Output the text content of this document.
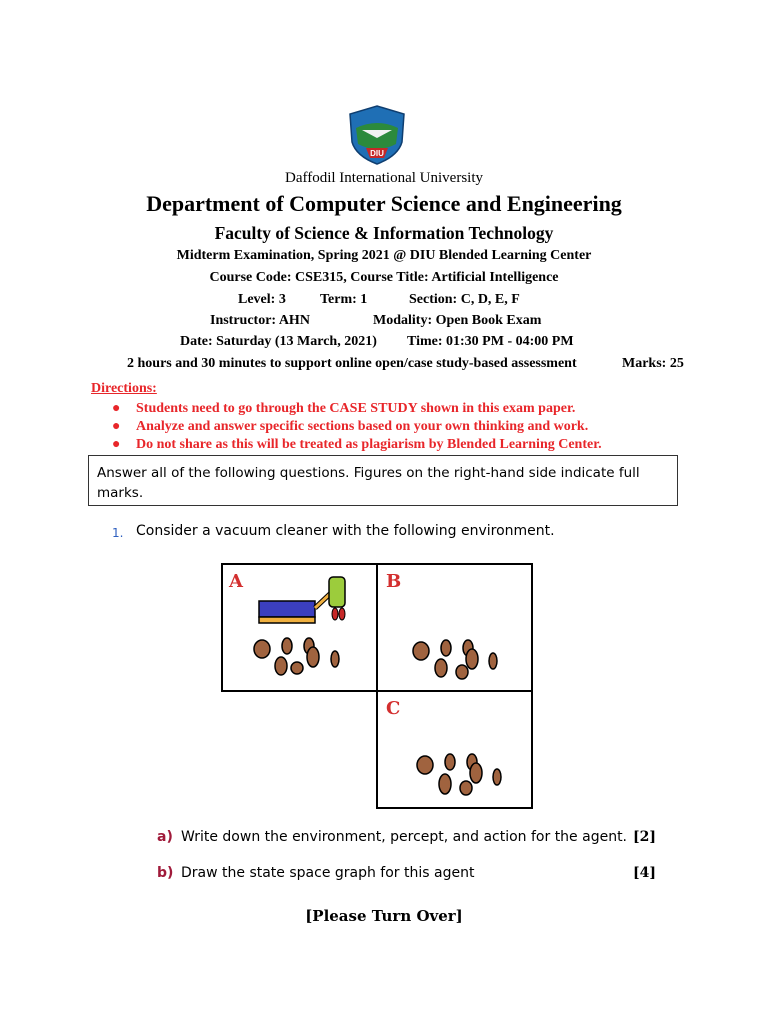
DIU
Daffodil International University
Department of Computer Science and Engineering
Faculty of Science & Information Technology
Midterm Examination, Spring 2021 @ DIU Blended Learning Center
Course Code: CSE315, Course Title: Artificial Intelligence
Level: 3 Term: 1	Section: C, D, E, F
Instructor: AHN	Modality: Open Book Exam
Date: Saturday (13 March, 2021) Time: 01:30 PM - 04:00 PM
2 hours and 30 minutes to support online open/case study-based assessment	Marks: 25
Directions:
● Students need to go through the CASE STUDY shown in this exam paper.
● Analyze and answer specific sections based on your own thinking and work.
● Do not share as this will be treated as plagiarism by Blended Learning Center.
Answer all of the following questions. Figures on the right-hand side indicate full
marks.
1. Consider a vacuum cleaner with the following environment.
A	B
C
a) Write down the environment, percept, and action for the agent. [2]
b) Draw the state space graph for this agent	[4]
[Please Turn Over]
